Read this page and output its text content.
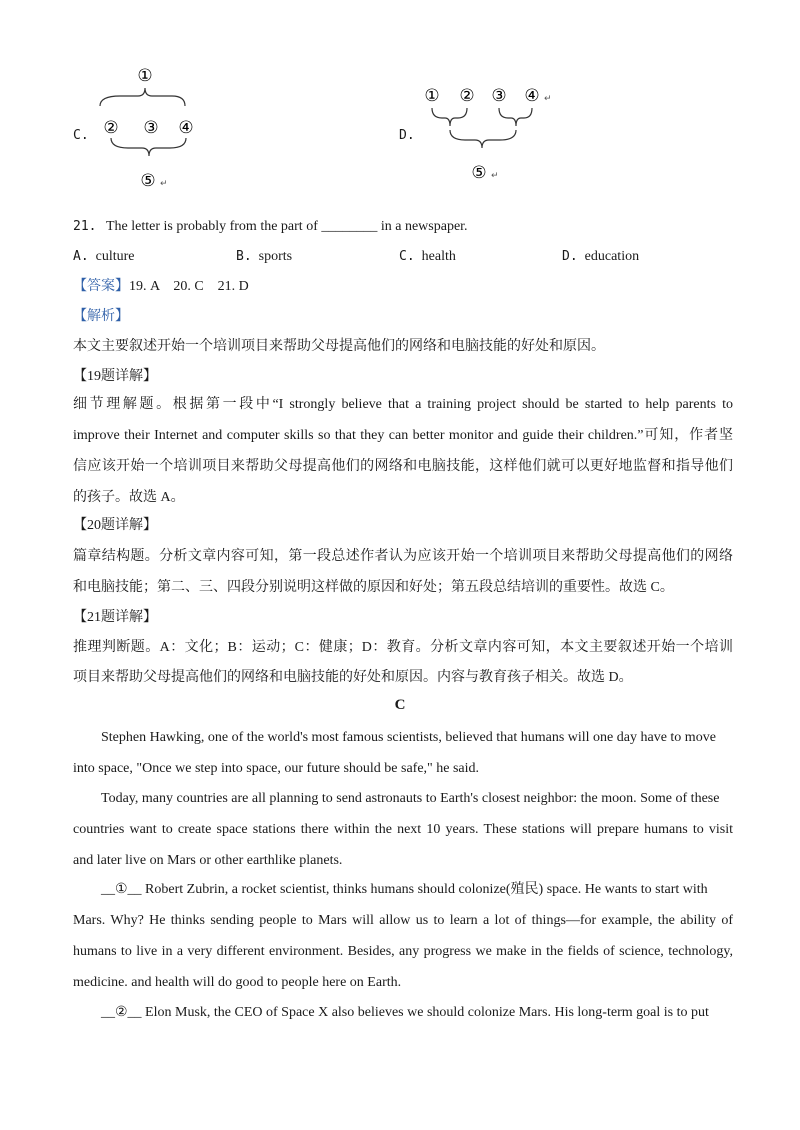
C.
①
② ③ ④
⑤ ↵
D.
① ② ③ ④ ↵
⑤ ↵
21. The letter is probably from the part of ________ in a newspaper.
A. culture	B. sports	C. health	D. education
【答案】19. A    20. C    21. D
【解析】
本文主要叙述开始一个培训项目来帮助父母提高他们的网络和电脑技能的好处和原因。
【19题详解】
细节理解题。根据第一段中“I strongly believe that a training project should be started to help parents to
improve their Internet and computer skills so that they can better monitor and guide their children.”可知，作者坚
信应该开始一个培训项目来帮助父母提高他们的网络和电脑技能，这样他们就可以更好地监督和指导他们
的孩子。故选 A。
【20题详解】
篇章结构题。分析文章内容可知，第一段总述作者认为应该开始一个培训项目来帮助父母提高他们的网络
和电脑技能；第二、三、四段分别说明这样做的原因和好处；第五段总结培训的重要性。故选 C。
【21题详解】
推理判断题。A：文化；B：运动；C：健康；D：教育。分析文章内容可知，本文主要叙述开始一个培训
项目来帮助父母提高他们的网络和电脑技能的好处和原因。内容与教育孩子相关。故选 D。
C
Stephen Hawking, one of the world's most famous scientists, believed that humans will one day have to move
into space, "Once we step into space, our future should be safe," he said.
Today, many countries are all planning to send astronauts to Earth's closest neighbor: the moon. Some of these
countries want to create space stations there within the next 10 years. These stations will prepare humans to visit
and later live on Mars or other earthlike planets.
__①__ Robert Zubrin, a rocket scientist, thinks humans should colonize(殖民) space. He wants to start with
Mars. Why? He thinks sending people to Mars will allow us to learn a lot of things—for example, the ability of
humans to live in a very different environment. Besides, any progress we make in the fields of science, technology,
medicine. and health will do good to people here on Earth.
__②__ Elon Musk, the CEO of Space X also believes we should colonize Mars. His long-term goal is to put
